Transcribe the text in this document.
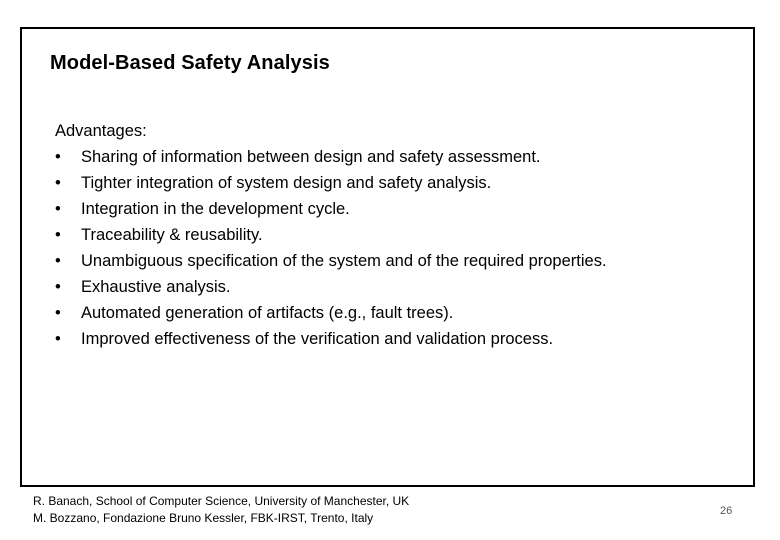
Model-Based Safety Analysis

Advantages:

• Sharing of information between design and safety assessment.
• Tighter integration of system design and safety analysis.
• Integration in the development cycle.
• Traceability & reusability.
• Unambiguous specification of the system and of the required properties.
• Exhaustive analysis.
• Automated generation of artifacts (e.g., fault trees).
• Improved effectiveness of the verification and validation process.
R. Banach, School of Computer Science, University of Manchester, UK
M. Bozzano, Fondazione Bruno Kessler, FBK-IRST, Trento, Italy	26
